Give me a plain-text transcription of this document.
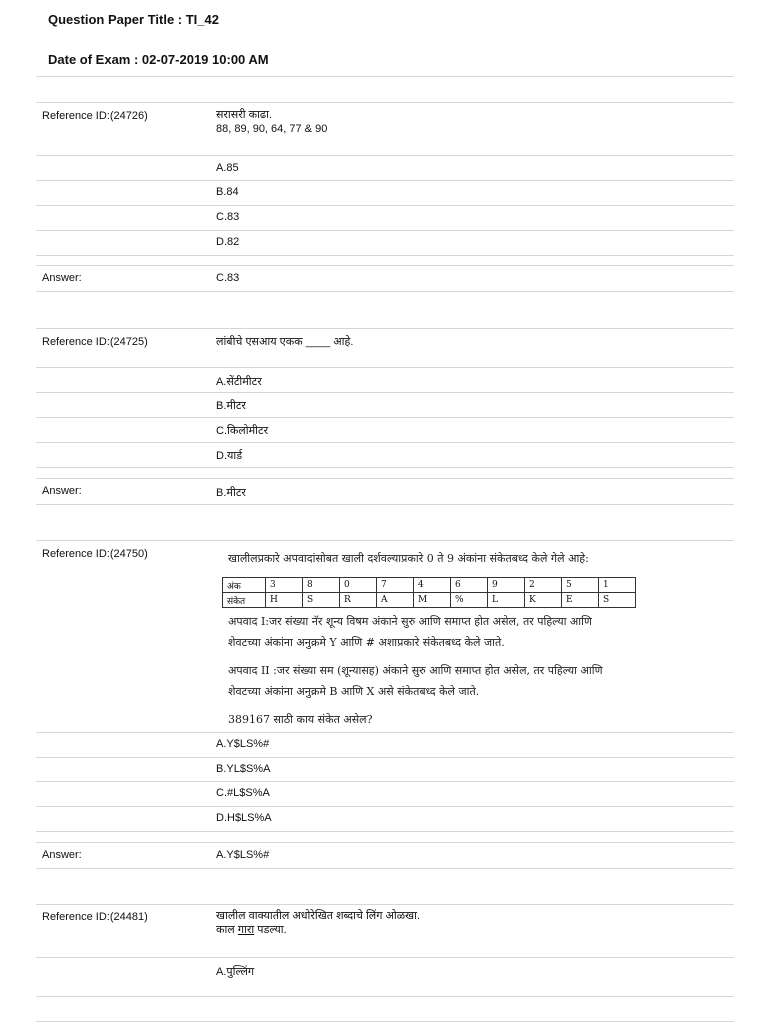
Question Paper Title : TI_42
Date of Exam : 02-07-2019 10:00 AM
Reference ID:(24726)	सरासरी काढा.
88, 89, 90, 64, 77 & 90
A.85
B.84
C.83
D.82
Answer:	C.83
Reference ID:(24725)	लांबीचे एसआय एकक ____ आहे.
A.सेंटीमीटर
B.मीटर
C.किलोमीटर
D.यार्ड
Answer:	B.मीटर
Reference ID:(24750)	खालीलप्रकारे अपवादांसोबत खाली दर्शवल्याप्रकारे 0 ते 9 अंकांना संकेतबध्द केले गेले आहे:
अंक	3	8	0	7	4	6	9	2	5	1
संकेत	H	S	R	A	M	%	L	K	E	S
अपवाद I:जर संख्या नॅर शून्य विषम अंकाने सुरु आणि समाप्त होत असेल, तर पहिल्या आणि
शेवटच्या अंकांना अनुक्रमे Y आणि # अशाप्रकारे संकेतबध्द केले जाते.
अपवाद II :जर संख्या सम (शून्यासह) अंकाने सुरु आणि समाप्त होत असेल, तर पहिल्या आणि
शेवटच्या अंकांना अनुक्रमे B आणि X असे संकेतबध्द केले जाते.
389167 साठी काय संकेत असेल?
A.Y$LS%#
B.YL$S%A
C.#L$S%A
D.H$LS%A
Answer:	A.Y$LS%#
Reference ID:(24481)	खालील वाक्यातील अधोरेखित शब्दाचे लिंग ओळखा.
काल गारा पडल्या.
A.पुल्लिंग
